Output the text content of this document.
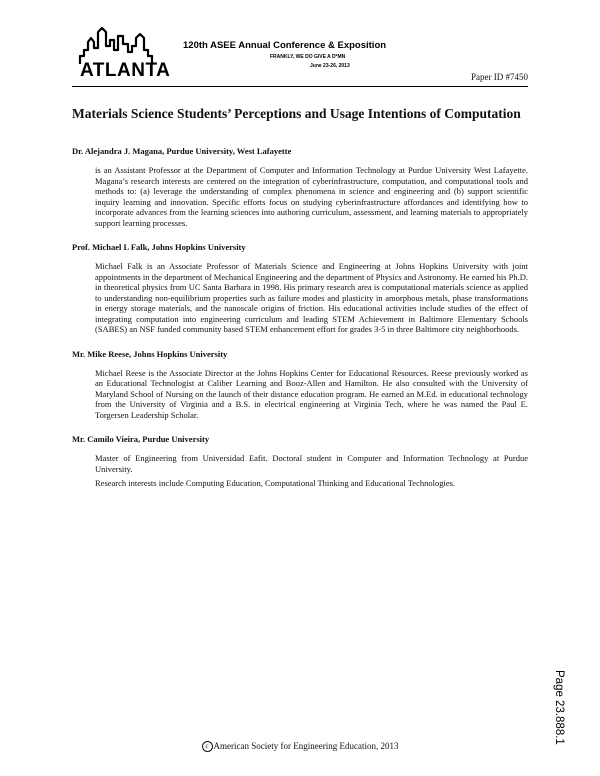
ATLANTA
120th ASEE Annual Conference & Exposition
FRANKLY, WE DO GIVE A D*MN
June 23-26, 2013
Paper ID #7450
Materials Science Students’ Perceptions and Usage Intentions of Computation
Dr. Alejandra J. Magana, Purdue University, West Lafayette

is an Assistant Professor at the Department of Computer and Information Technology at Purdue University West Lafayette. Magana’s research interests are centered on the integration of cyberinfrastructure, computation, and computational tools and methods to: (a) leverage the understanding of complex phenomena in science and engineering and (b) support scientific inquiry learning and innovation. Specific efforts focus on studying cyberinfrastructure affordances and identifying how to incorporate advances from the learning sciences into authoring curriculum, assessment, and learning materials to appropriately support learning processes.

Prof. Michael L Falk, Johns Hopkins University

Michael Falk is an Associate Professor of Materials Science and Engineering at Johns Hopkins University with joint appointments in the department of Mechanical Engineering and the department of Physics and Astronomy. He earned his Ph.D. in theoretical physics from UC Santa Barbara in 1998. His primary research area is computational materials science as applied to understanding non-equilibrium properties such as failure modes and plasticity in amorphous metals, phase transformations in energy storage materials, and the nanoscale origins of friction. His educational activities include studies of the effect of integrating computation into engineering curriculum and leading STEM Achievement in Baltimore Elementary Schools (SABES) an NSF funded community based STEM enhancement effort for grades 3-5 in three Baltimore city neighborhoods.

Mr. Mike Reese, Johns Hopkins University

Michael Reese is the Associate Director at the Johns Hopkins Center for Educational Resources. Reese previously worked as an Educational Technologist at Caliber Learning and Booz-Allen and Hamilton. He also consulted with the University of Maryland School of Nursing on the launch of their distance education program. He earned an M.Ed. in educational technology from the University of Virginia and a B.S. in electrical engineering at Virginia Tech, where he was named the Paul E. Torgersen Leadership Scholar.

Mr. Camilo Vieira, Purdue University

Master of Engineering from Universidad Eafit. Doctoral student in Computer and Information Technology at Purdue University.

Research interests include Computing Education, Computational Thinking and Educational Technologies.

Page 23.888.1
c American Society for Engineering Education, 2013
